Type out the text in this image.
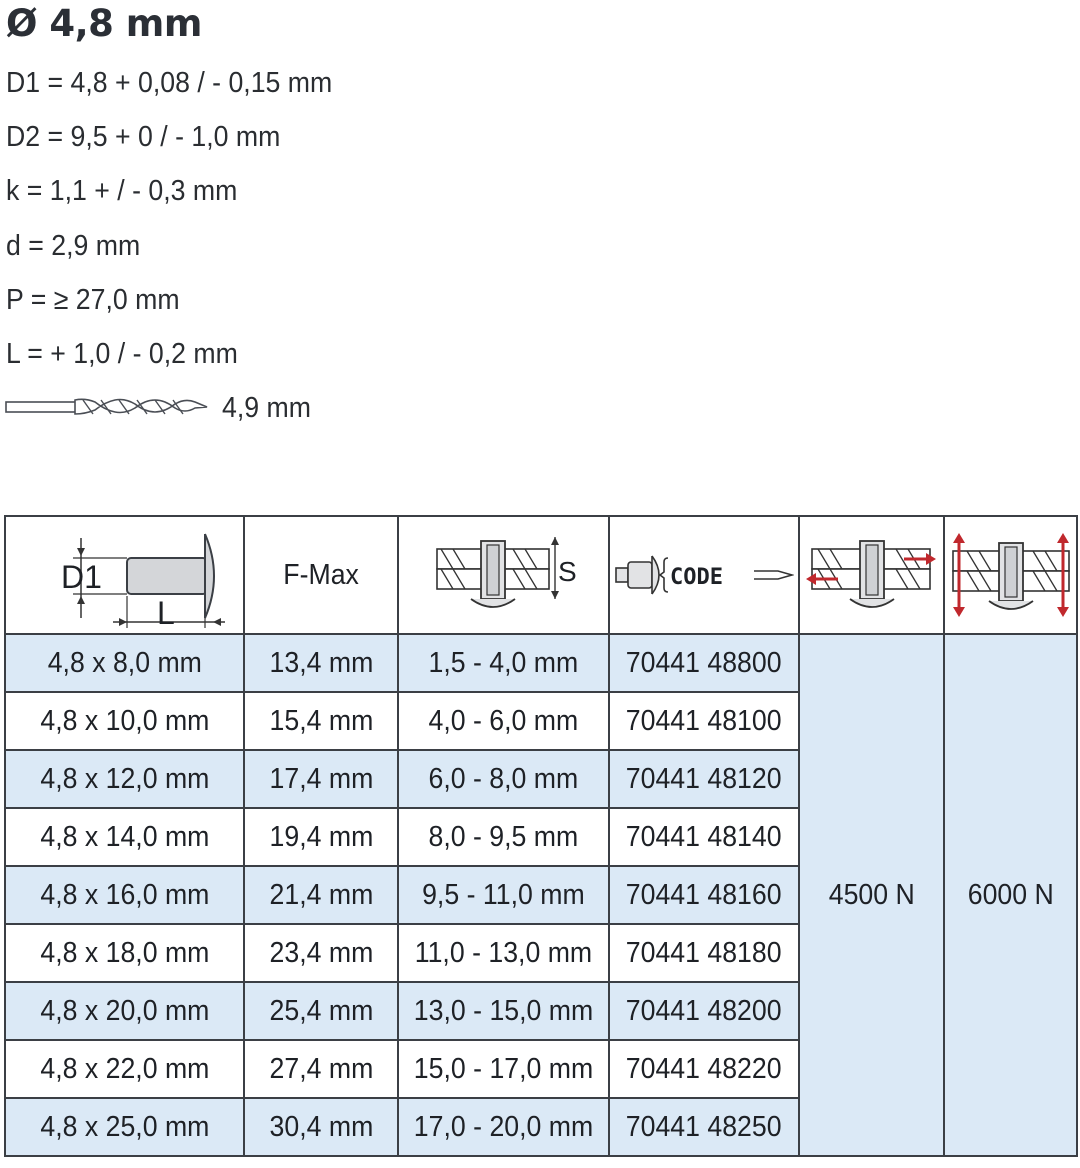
Ø 4,8 mm
D1 = 4,8 + 0,08 / - 0,15 mm
D2 = 9,5 + 0 / - 1,0 mm
k = 1,1 + / - 0,3 mm
d = 2,9 mm
P = ≥ 27,0 mm
L = + 1,0 / - 0,2 mm
4,9 mm
D1
L	F-Max	S	CODE

4,8 x 8,0 mm	13,4 mm	1,5 - 4,0 mm	70441 48800	4500 N	6000 N
4,8 x 10,0 mm	15,4 mm	4,0 - 6,0 mm	70441 48100		
4,8 x 12,0 mm	17,4 mm	6,0 - 8,0 mm	70441 48120		
4,8 x 14,0 mm	19,4 mm	8,0 - 9,5 mm	70441 48140		
4,8 x 16,0 mm	21,4 mm	9,5 - 11,0 mm	70441 48160		
4,8 x 18,0 mm	23,4 mm	11,0 - 13,0 mm	70441 48180		
4,8 x 20,0 mm	25,4 mm	13,0 - 15,0 mm	70441 48200		
4,8 x 22,0 mm	27,4 mm	15,0 - 17,0 mm	70441 48220		
4,8 x 25,0 mm	30,4 mm	17,0 - 20,0 mm	70441 48250		
